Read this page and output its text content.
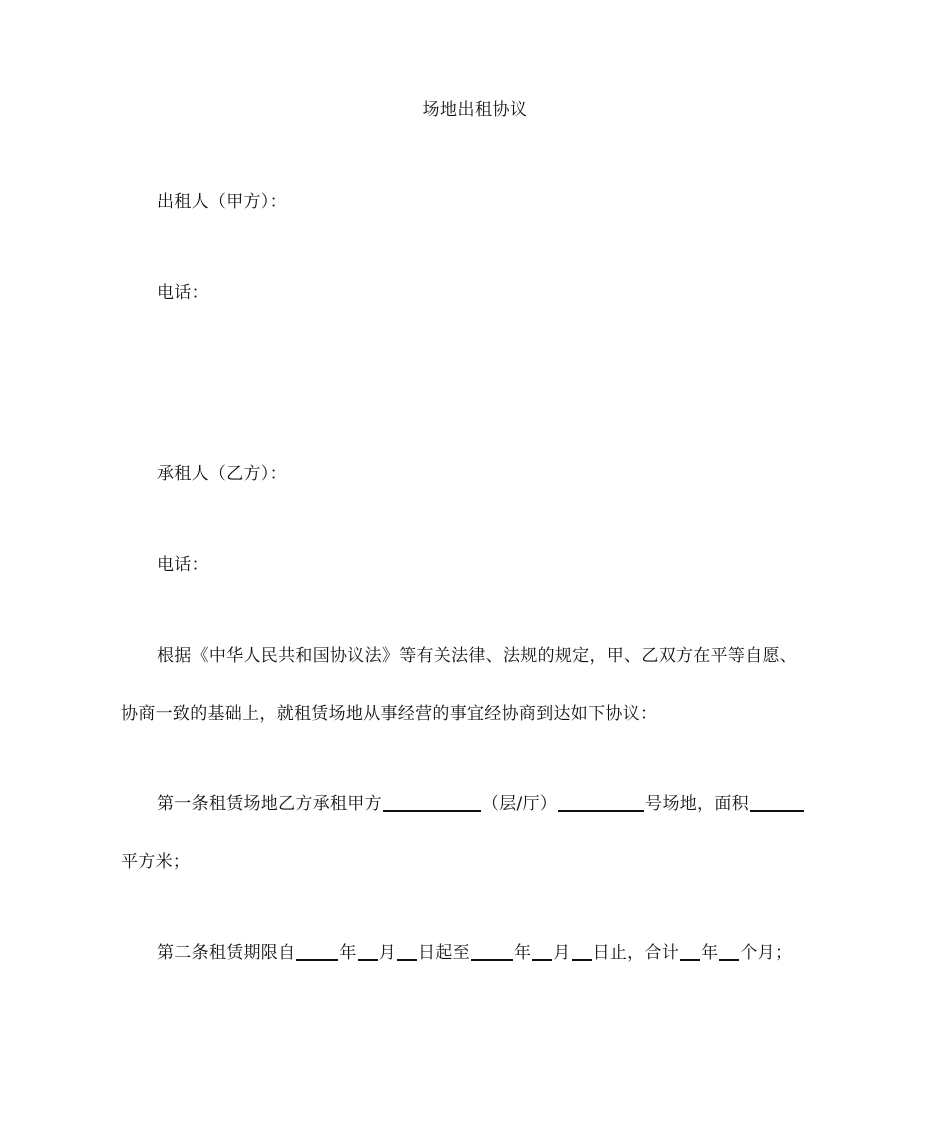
场地出租协议
出租人（甲方）：
电话：
承租人（乙方）：
电话：
根据《中华人民共和国协议法》等有关法律、法规的规定，甲、乙双方在平等自愿、
协商一致的基础上，就租赁场地从事经营的事宜经协商到达如下协议：
第一条租赁场地乙方承租甲方	（层/厅）	号场地，面积
平方米；
第二条租赁期限自	年 月 日起至	年 月 日止，合计 年 个月；
